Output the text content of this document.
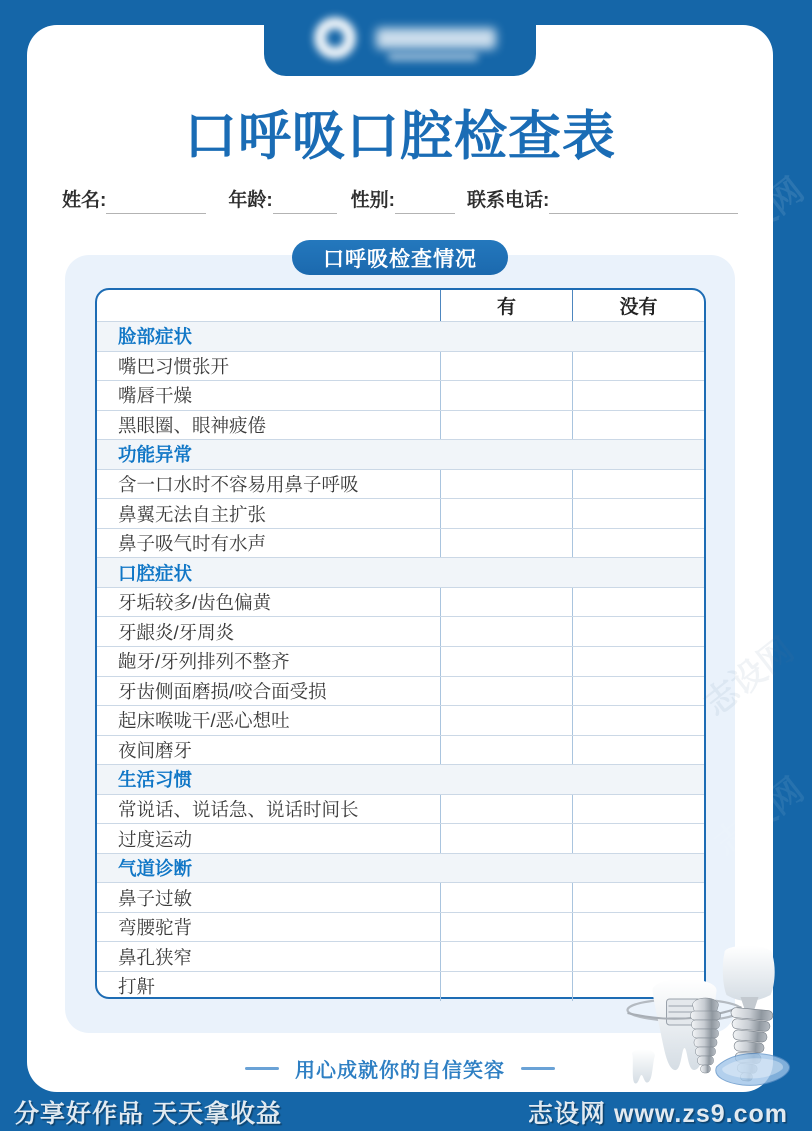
口呼吸口腔检查表
姓名:	年龄:	性别:	联系电话:
口呼吸检查情况
有	没有
脸部症状
嘴巴习惯张开
嘴唇干燥
黑眼圈、眼神疲倦
功能异常
含一口水时不容易用鼻子呼吸
鼻翼无法自主扩张
鼻子吸气时有水声
口腔症状
牙垢较多/齿色偏黄
牙龈炎/牙周炎
龅牙/牙列排列不整齐
牙齿侧面磨损/咬合面受损
起床喉咙干/恶心想吐
夜间磨牙
生活习惯
常说话、说话急、说话时间长
过度运动
气道诊断
鼻子过敏
弯腰驼背
鼻孔狭窄
打鼾
用心成就你的自信笑容
分享好作品 天天拿收益	志设网 www.zs9.com
